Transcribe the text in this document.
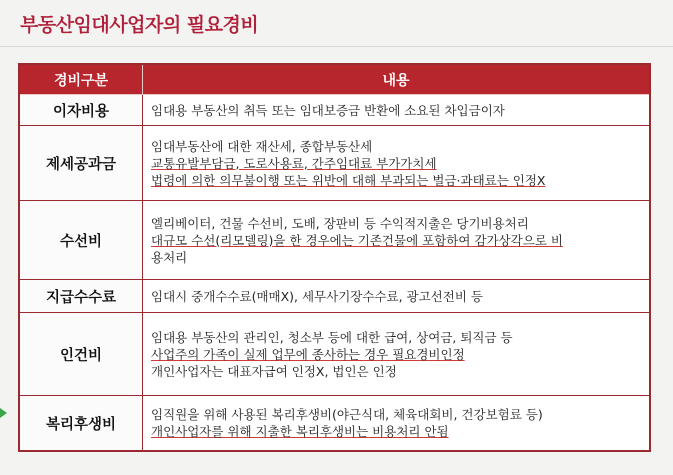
부동산임대사업자의 필요경비
경비구분	내용
이자비용	임대용 부동산의 취득 또는 임대보증금 반환에 소요된 차입금이자

제세공과금	임대부동산에 대한 재산세, 종합부동산세
교통유발부담금, 도로사용료, 간주임대료 부가가치세
법령에 의한 의무불이행 또는 위반에 대해 부과되는 벌금·과태료는 인정X

수선비	엘리베이터, 건물 수선비, 도배, 장판비 등 수익적지출은 당기비용처리
대규모 수선(리모델링)을 한 경우에는 기존건물에 포함하여 감가상각으로 비
용처리

지급수수료	임대시 중개수수료(매매X), 세무사기장수수료, 광고선전비 등

인건비	임대용 부동산의 관리인, 청소부 등에 대한 급여, 상여금, 퇴직금 등
사업주의 가족이 실제 업무에 종사하는 경우 필요경비인정
개인사업자는 대표자급여 인정X, 법인은 인정

복리후생비	임직원을 위해 사용된 복리후생비(야근식대, 체육대회비, 건강보험료 등)
개인사업자를 위해 지출한 복리후생비는 비용처리 안됨
